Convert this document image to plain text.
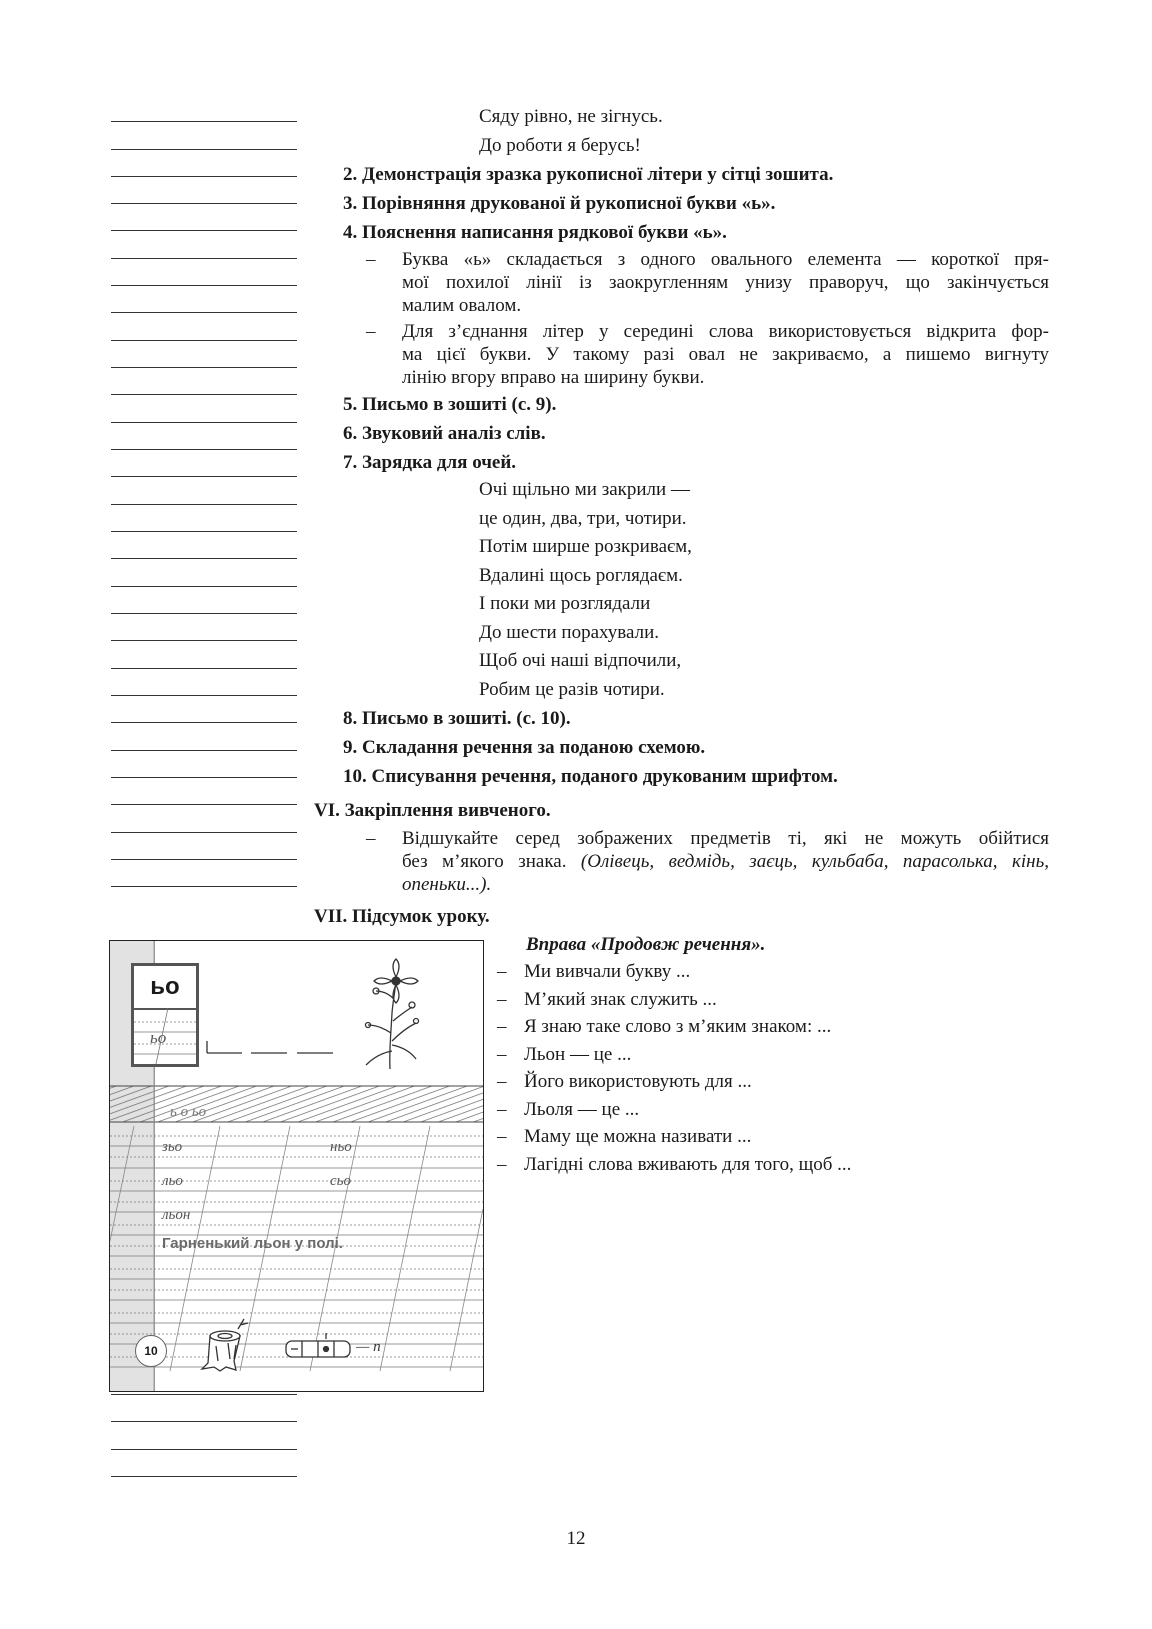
Сяду рівно, не зігнусь.
До роботи я берусь!
2. Демонстрація зразка рукописної літери у сітці зошита.
3. Порівняння друкованої й рукописної букви «ь».
4. Пояснення написання рядкової букви «ь».
– Буква «ь» складається з одного овального елемента — короткої пря-
мої похилої лінії із заокругленням унизу праворуч, що закінчується
малим овалом.
– Для з’єднання літер у середині слова використовується відкрита фор-
ма цієї букви. У такому разі овал не закриваємо, а пишемо вигнуту
лінію вгору вправо на ширину букви.
5. Письмо в зошиті (с. 9).
6. Звуковий аналіз слів.
7. Зарядка для очей.
Очі щільно ми закрили —
це один, два, три, чотири.
Потім ширше розкриваєм,
Вдалині щось роглядаєм.
І поки ми розглядали
До шести порахували.
Щоб очі наші відпочили,
Робим це разів чотири.
8. Письмо в зошиті. (с. 10).
9. Складання речення за поданою схемою.
10. Списування речення, поданого друкованим шрифтом.
VI. Закріплення вивченого.
– Відшукайте серед зображених предметів ті, які не можуть обійтися
без м’якого знака. (Олівець, ведмідь, заєць, кульбаба, парасолька, кінь,
опеньки...).
VII. Підсумок уроку.
Вправа «Продовж речення».
– Ми вивчали букву ...
– М’який знак служить ...
– Я знаю таке слово з м’яким знаком: ...
– Льон — це ...
– Його використовують для ...
– Льоля — це ...
– Маму ще можна називати ...
– Лагідні слова вживають для того, щоб ...
ьо
ьо
ь о ьо
зьо
льо
льон
ньо
сьо
Гарненький льон у полі.
— п
10
12
